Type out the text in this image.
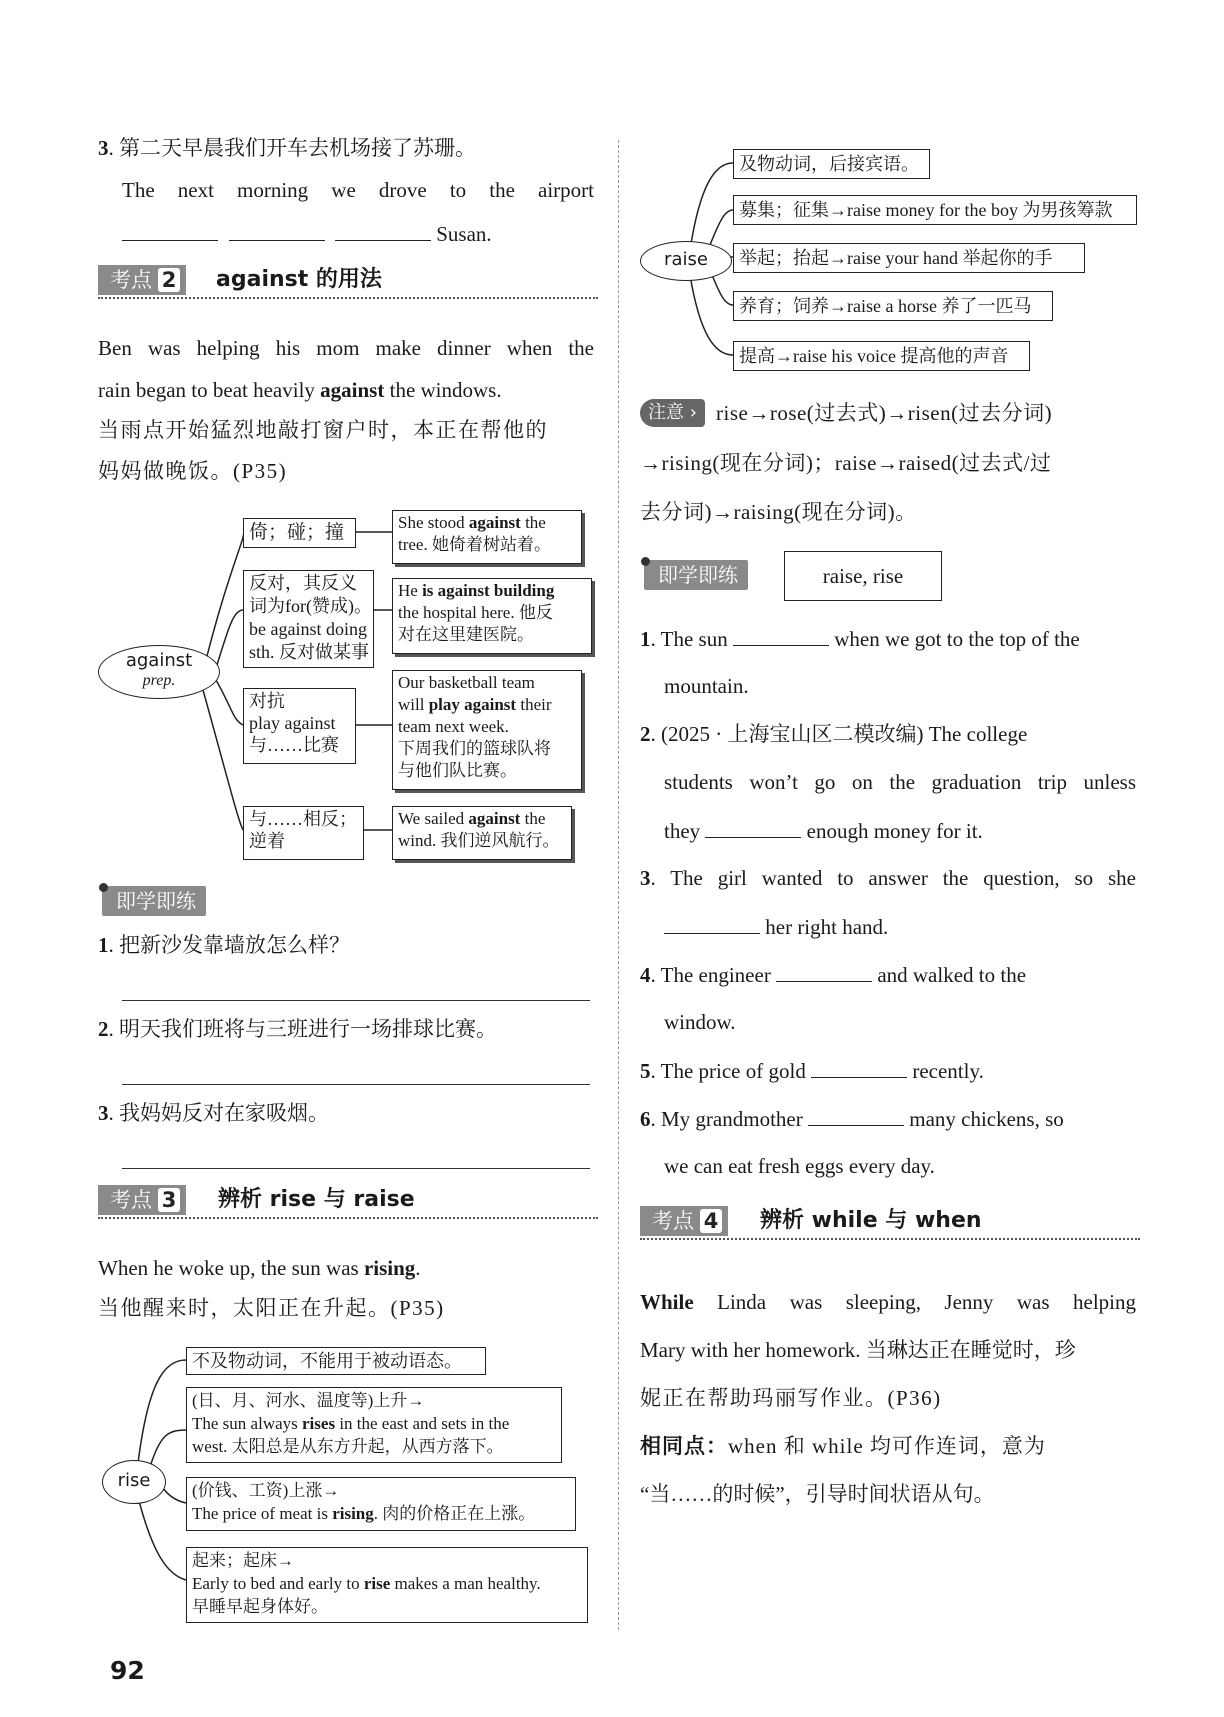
3. 第二天早晨我们开车去机场接了苏珊。
The next morning we drove to the airport
Susan.
考点 2	against 的用法
Ben was helping his mom make dinner when the
rain began to beat heavily against the windows.
当雨点开始猛烈地敲打窗户时，本正在帮他的
妈妈做晚饭。(P35)
against
prep.
倚；碰；撞	She stood against the
tree. 她倚着树站着。
反对，其反义
词为for(赞成)。
be against doing
sth. 反对做某事
He is against building
the hospital here. 他反
对在这里建医院。
对抗
play against
与……比赛
Our basketball team
will play against their
team next week.
下周我们的篮球队将
与他们队比赛。
与……相反；
逆着
We sailed against the
wind. 我们逆风航行。
即学即练
1. 把新沙发靠墙放怎么样？
2. 明天我们班将与三班进行一场排球比赛。
3. 我妈妈反对在家吸烟。
考点 3	辨析 rise 与 raise
When he woke up, the sun was rising.
当他醒来时，太阳正在升起。(P35)
rise
不及物动词，不能用于被动语态。
(日、月、河水、温度等)上升→
The sun always rises in the east and sets in the
west. 太阳总是从东方升起，从西方落下。
(价钱、工资)上涨→
The price of meat is rising. 肉的价格正在上涨。
起来；起床→
Early to bed and early to rise makes a man healthy.
早睡早起身体好。
raise
及物动词，后接宾语。
募集；征集→raise money for the boy 为男孩筹款
举起；抬起→raise your hand 举起你的手
养育；饲养→raise a horse 养了一匹马
提高→raise his voice 提高他的声音
注意 › rise→rose(过去式)→risen(过去分词)
→rising(现在分词)；raise→raised(过去式/过
去分词)→raising(现在分词)。
即学即练	raise, rise
1. The sun	when we got to the top of the
mountain.
2. (2025 · 上海宝山区二模改编) The college
students won’t go on the graduation trip unless
they	enough money for it.
3. The girl wanted to answer the question, so she
her right hand.
4. The engineer	and walked to the
window.
5. The price of gold	recently.
6. My grandmother	many chickens, so
we can eat fresh eggs every day.
考点 4	辨析 while 与 when
While Linda was sleeping, Jenny was helping
Mary with her homework. 当琳达正在睡觉时，珍
妮正在帮助玛丽写作业。(P36)
相同点：when 和 while 均可作连词，意为
“当……的时候”，引导时间状语从句。
92
